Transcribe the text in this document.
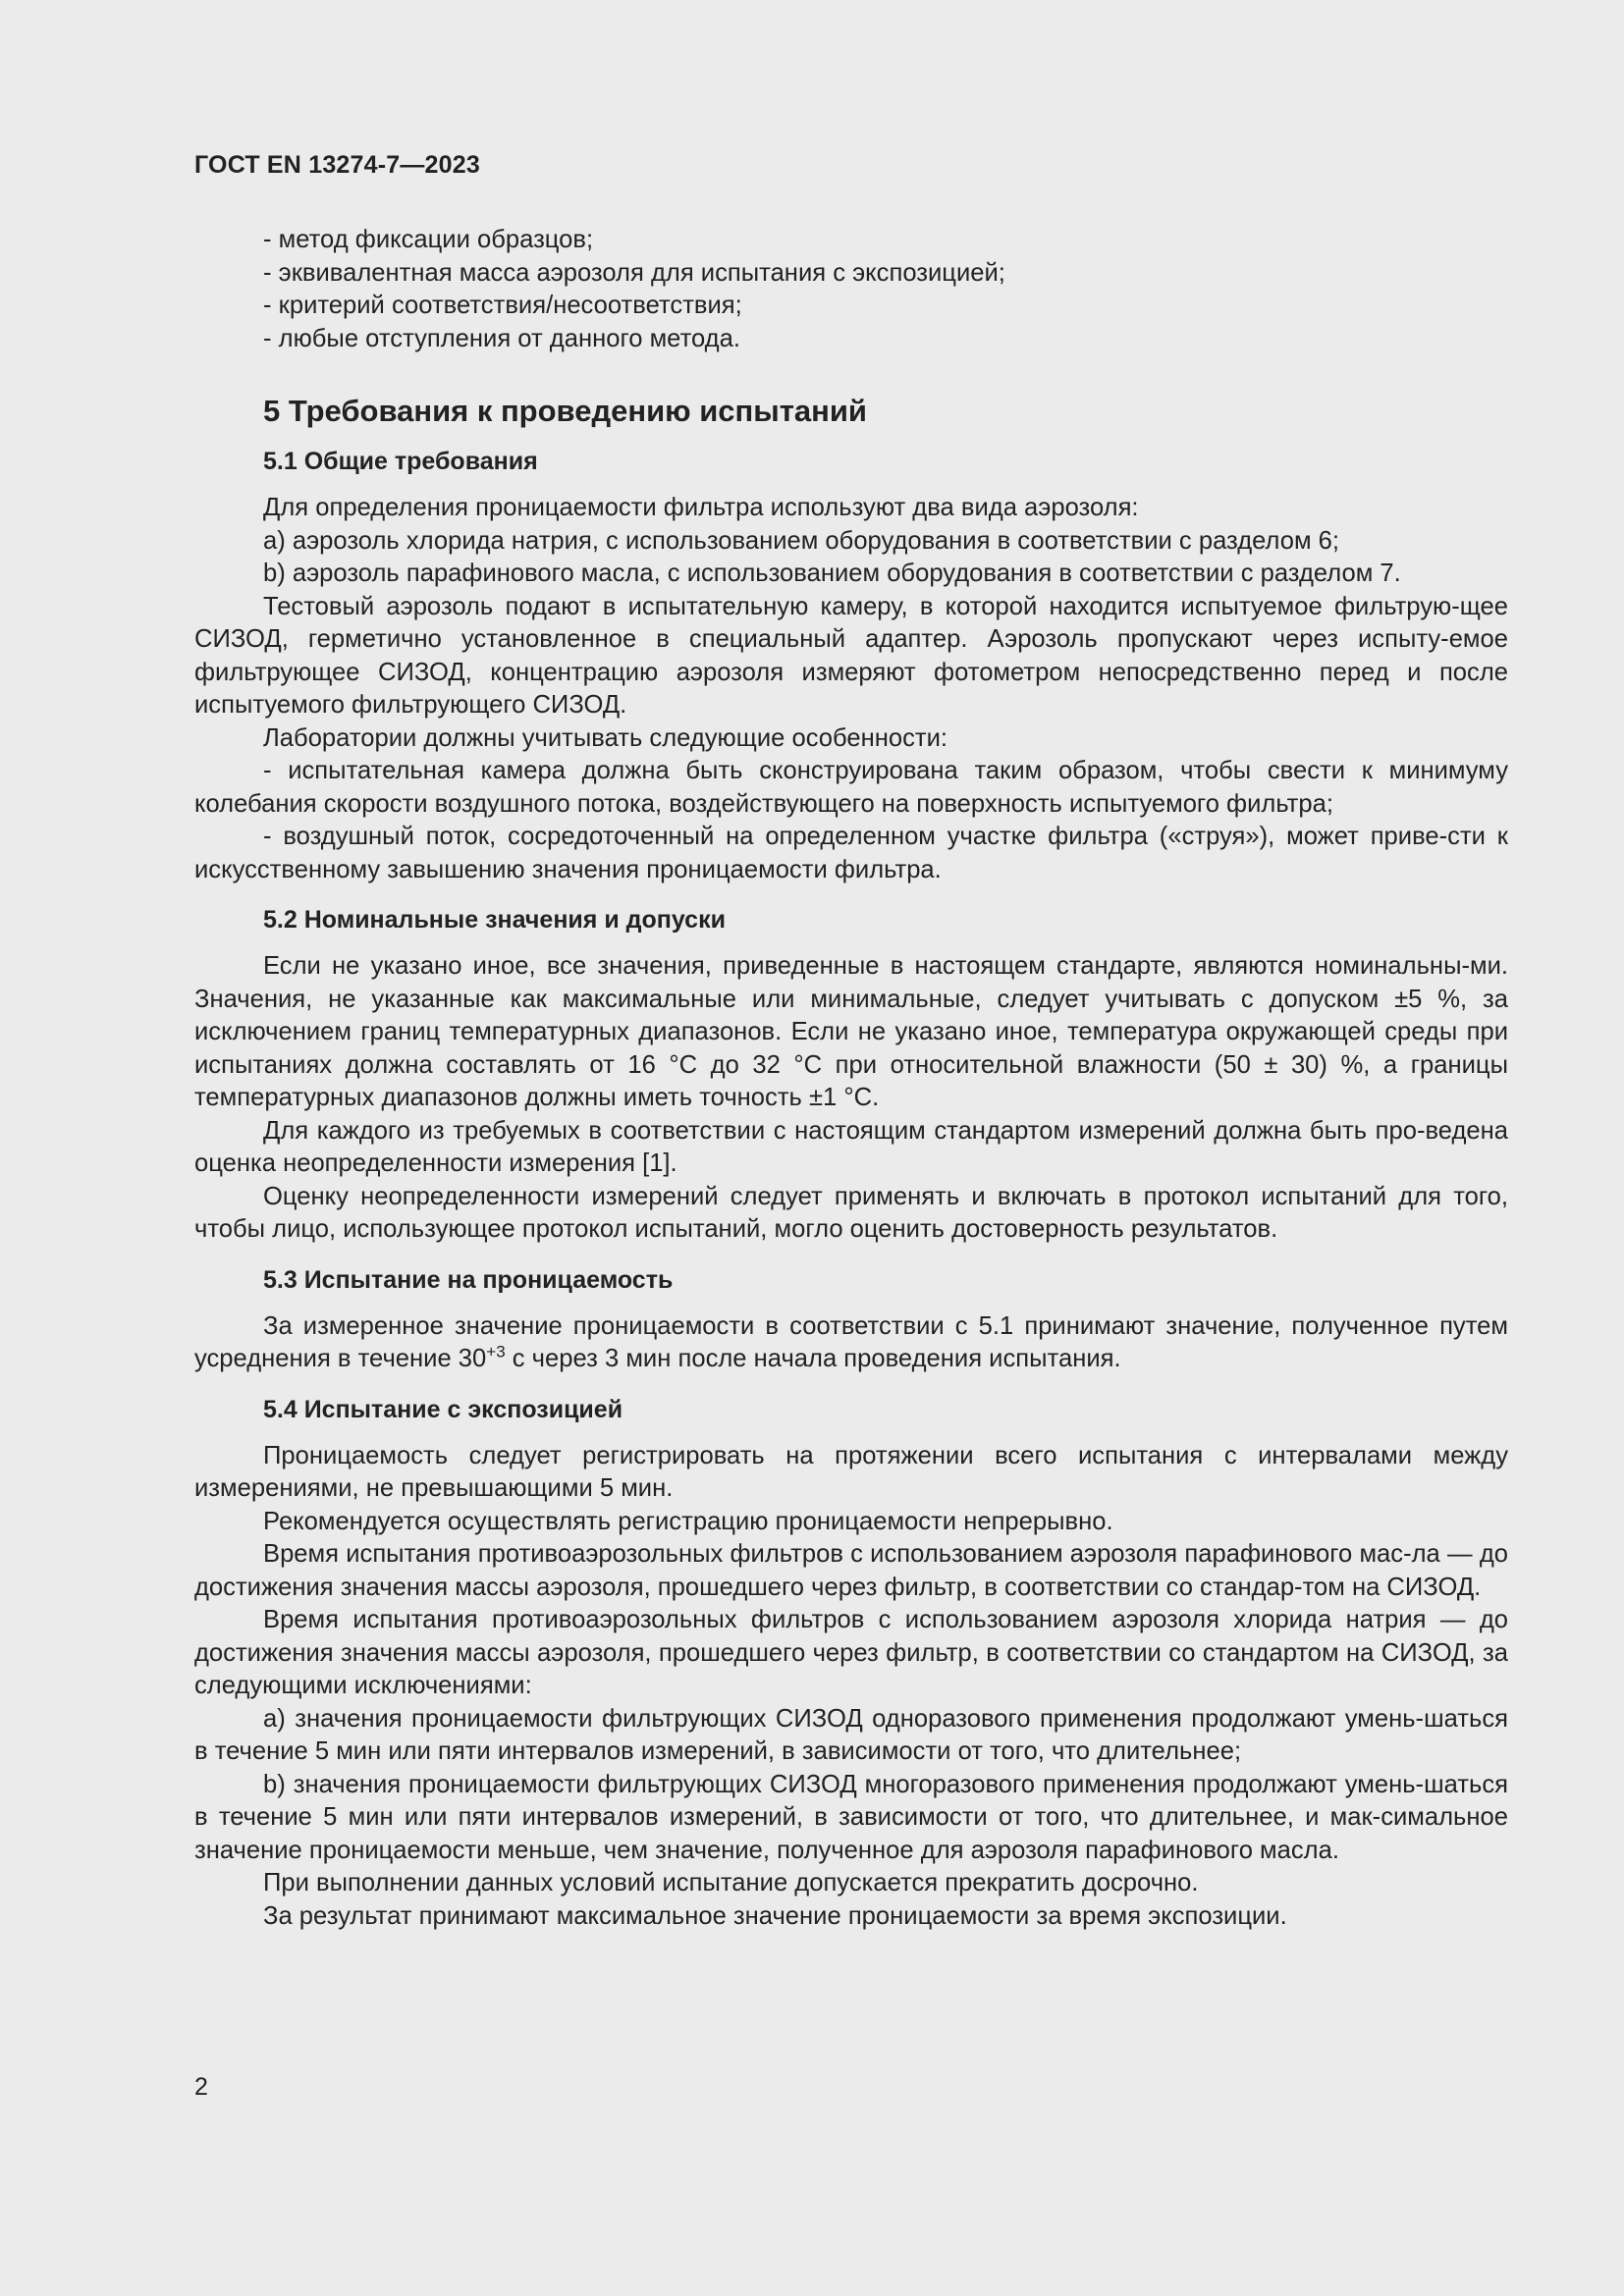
ГОСТ EN 13274-7—2023

- метод фиксации образцов;

- эквивалентная масса аэрозоля для испытания с экспозицией;

- критерий соответствия/несоответствия;

- любые отступления от данного метода.

5 Требования к проведению испытаний
5.1 Общие требования

Для определения проницаемости фильтра используют два вида аэрозоля:

a) аэрозоль хлорида натрия, с использованием оборудования в соответствии с разделом 6;

b) аэрозоль парафинового масла, с использованием оборудования в соответствии с разделом 7.

Тестовый аэрозоль подают в испытательную камеру, в которой находится испытуемое фильтрую-щее СИЗОД, герметично установленное в специальный адаптер. Аэрозоль пропускают через испыту-емое фильтрующее СИЗОД, концентрацию аэрозоля измеряют фотометром непосредственно перед и после испытуемого фильтрующего СИЗОД.

Лаборатории должны учитывать следующие особенности:

- испытательная камера должна быть сконструирована таким образом, чтобы свести к минимуму колебания скорости воздушного потока, воздействующего на поверхность испытуемого фильтра;

- воздушный поток, сосредоточенный на определенном участке фильтра («струя»), может приве-сти к искусственному завышению значения проницаемости фильтра.

5.2 Номинальные значения и допуски

Если не указано иное, все значения, приведенные в настоящем стандарте, являются номинальны-ми. Значения, не указанные как максимальные или минимальные, следует учитывать с допуском ±5 %, за исключением границ температурных диапазонов. Если не указано иное, температура окружающей среды при испытаниях должна составлять от 16 °C до 32 °C при относительной влажности (50 ± 30) %, а границы температурных диапазонов должны иметь точность ±1 °C.

Для каждого из требуемых в соответствии с настоящим стандартом измерений должна быть про-ведена оценка неопределенности измерения [1].

Оценку неопределенности измерений следует применять и включать в протокол испытаний для того, чтобы лицо, использующее протокол испытаний, могло оценить достоверность результатов.

5.3 Испытание на проницаемость

За измеренное значение проницаемости в соответствии с 5.1 принимают значение, полученное путем усреднения в течение $30^{+3}$ с через 3 мин после начала проведения испытания.

5.4 Испытание с экспозицией

Проницаемость следует регистрировать на протяжении всего испытания с интервалами между измерениями, не превышающими 5 мин.

Рекомендуется осуществлять регистрацию проницаемости непрерывно.

Время испытания противоаэрозольных фильтров с использованием аэрозоля парафинового мас-ла — до достижения значения массы аэрозоля, прошедшего через фильтр, в соответствии со стандар-том на СИЗОД.

Время испытания противоаэрозольных фильтров с использованием аэрозоля хлорида натрия — до достижения значения массы аэрозоля, прошедшего через фильтр, в соответствии со стандартом на СИЗОД, за следующими исключениями:

a) значения проницаемости фильтрующих СИЗОД одноразового применения продолжают умень-шаться в течение 5 мин или пяти интервалов измерений, в зависимости от того, что длительнее;

b) значения проницаемости фильтрующих СИЗОД многоразового применения продолжают умень-шаться в течение 5 мин или пяти интервалов измерений, в зависимости от того, что длительнее, и мак-симальное значение проницаемости меньше, чем значение, полученное для аэрозоля парафинового масла.

При выполнении данных условий испытание допускается прекратить досрочно.

За результат принимают максимальное значение проницаемости за время экспозиции.

2
